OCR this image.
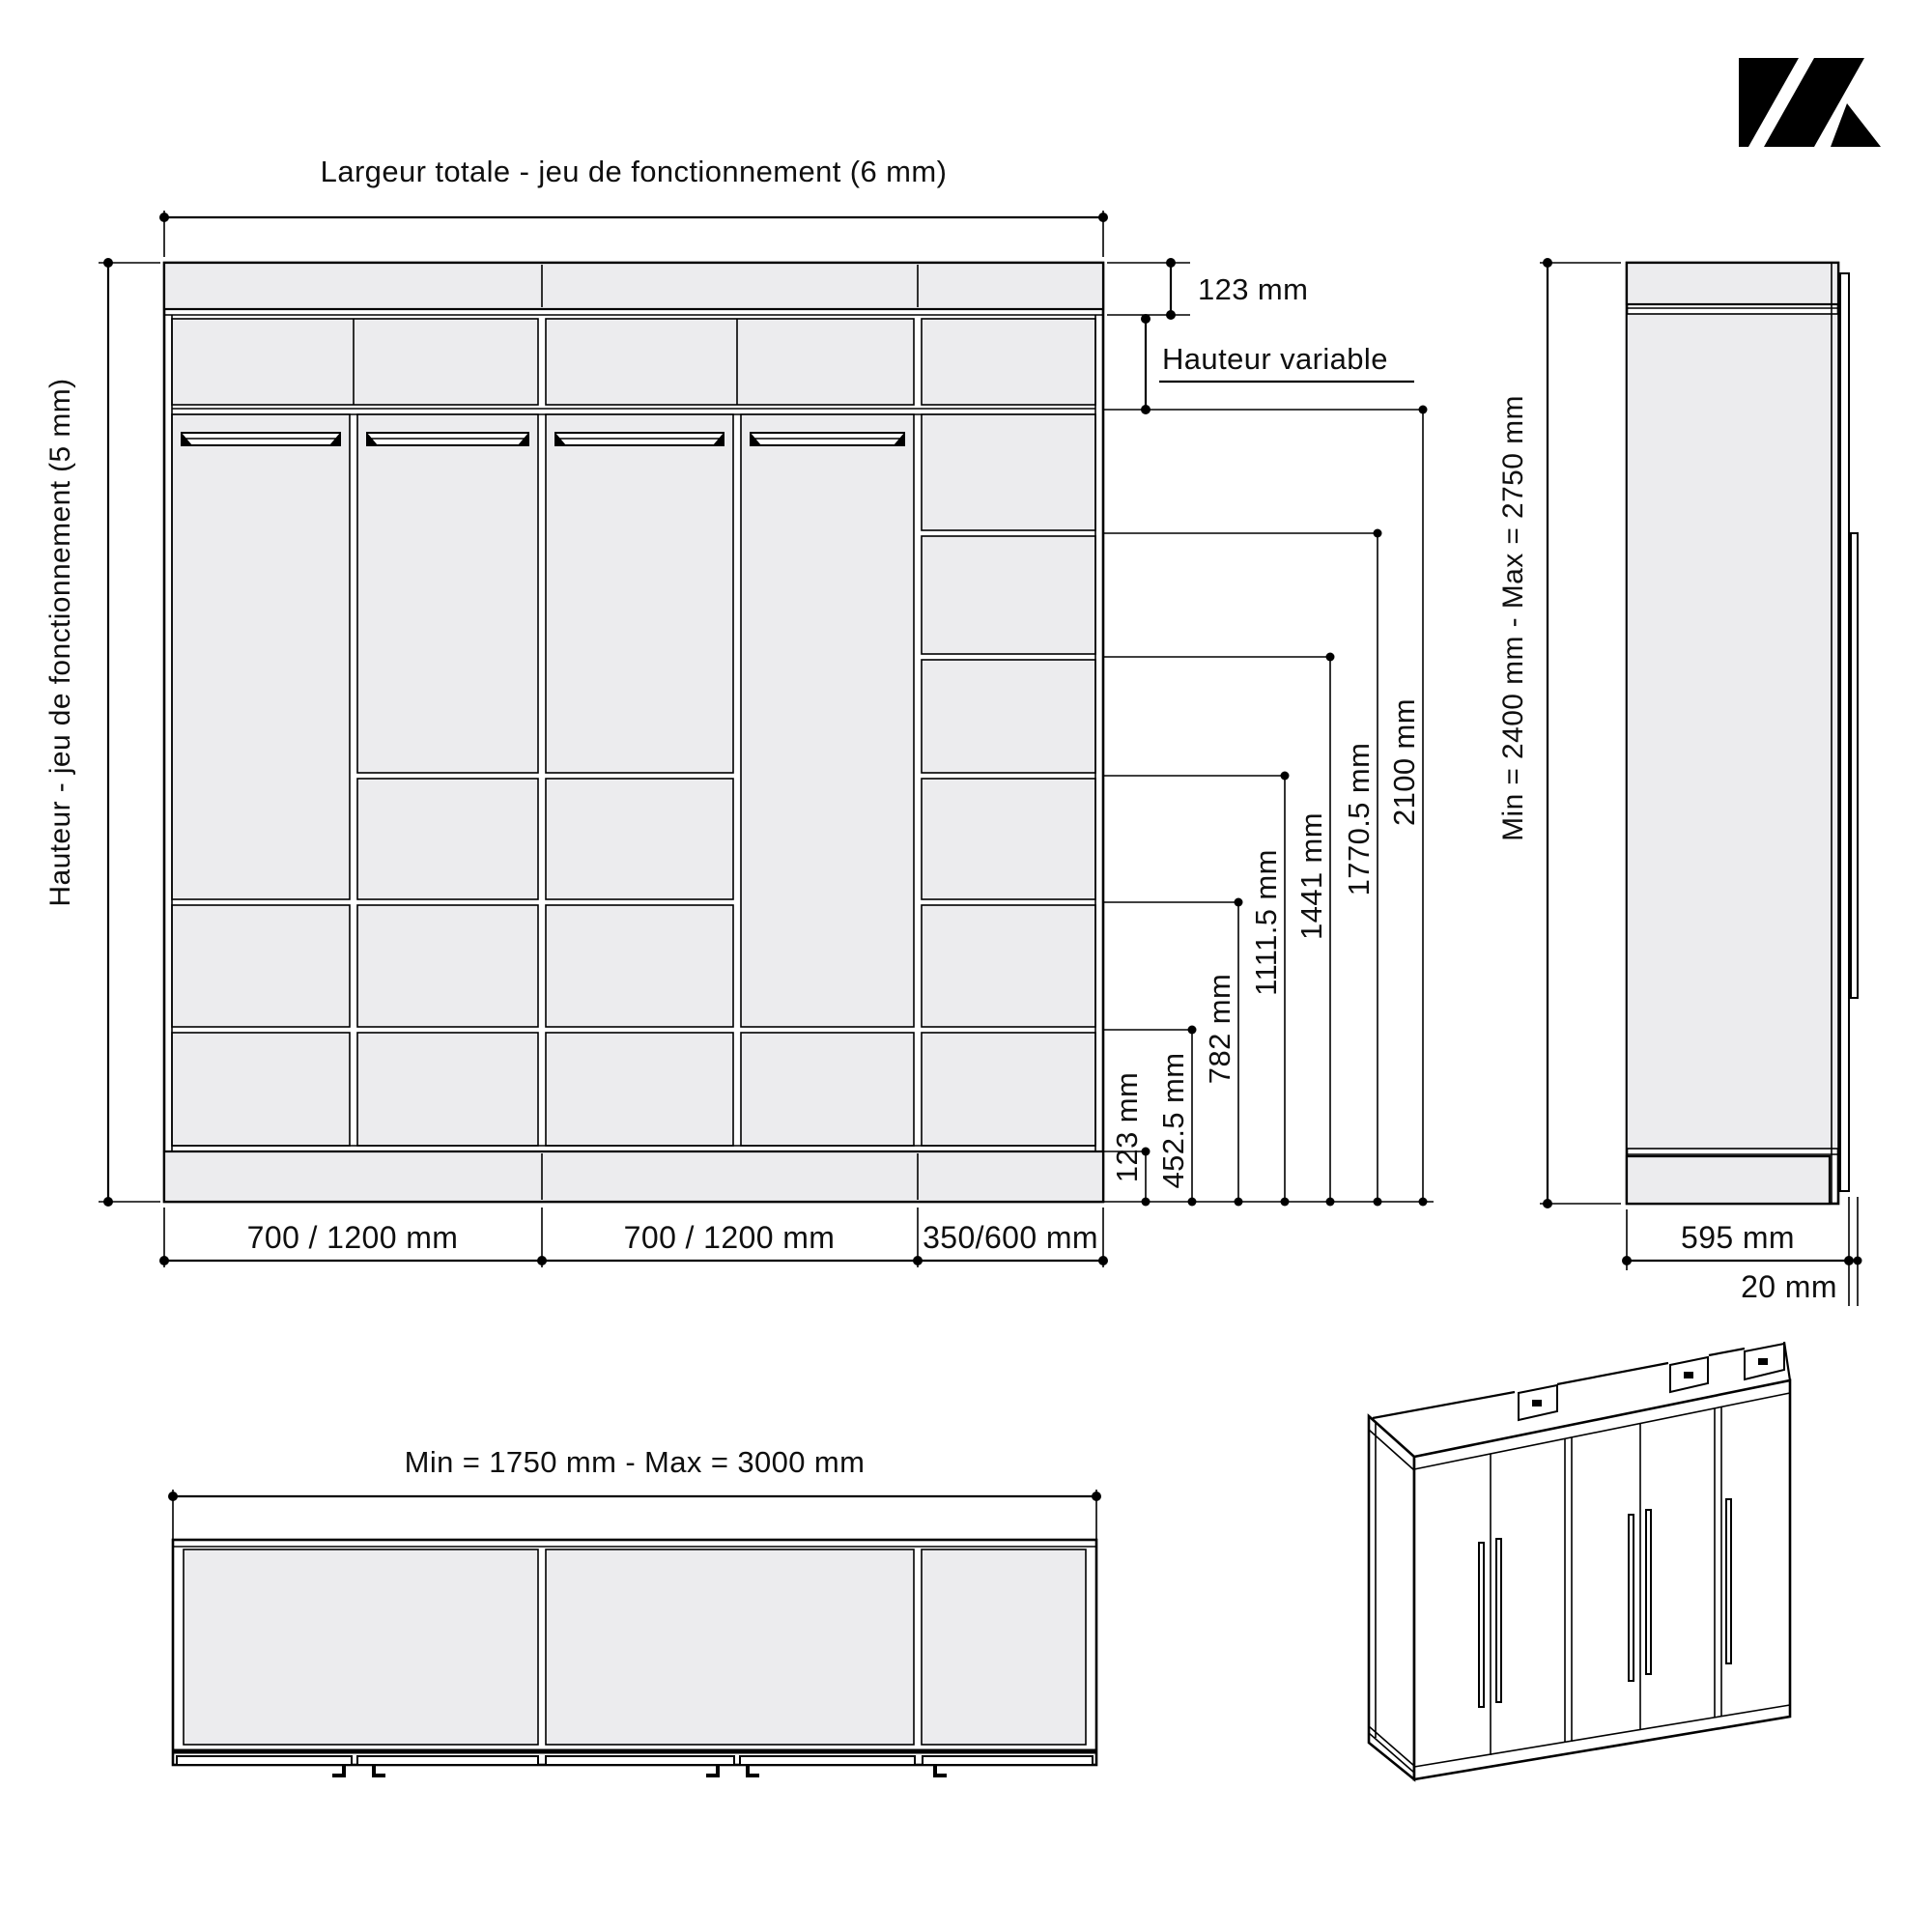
Largeur totale - jeu de fonctionnement (6 mm)
Hauteur - jeu de fonctionnement (5 mm)
123 mm
Hauteur variable
123 mm 452.5 mm
782 mm
1111.5 mm 1441 mm 1770.5 mm 2100 mm
700 / 1200 mm	700 / 1200 mm	350/600 mm
Min = 2400 mm - Max = 2750 mm
595 mm
20 mm
Min = 1750 mm - Max = 3000 mm
